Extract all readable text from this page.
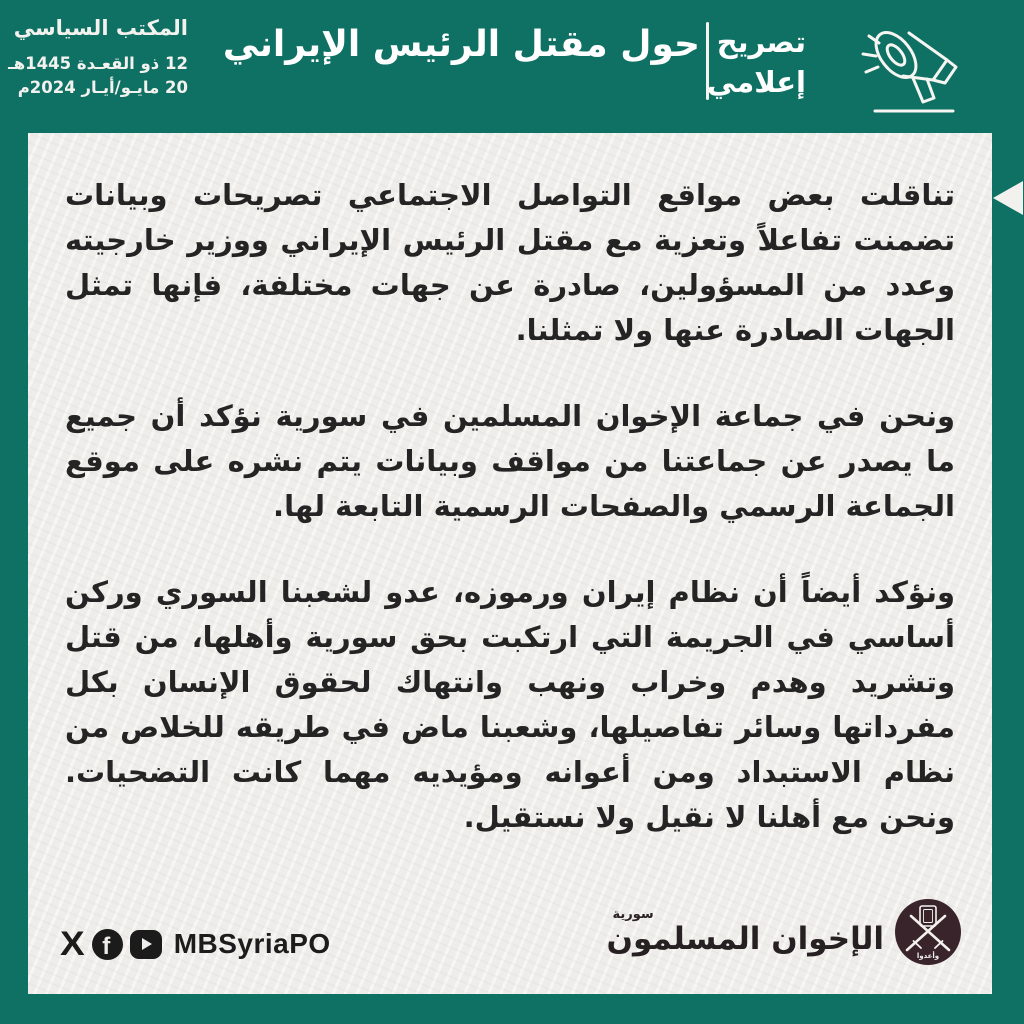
المكتب السياسي
12 ذو القعـدة 1445هـ
20 مايـو/أيـار 2024م
حول مقتل الرئيس الإيراني تصريح
إعلامي

تناقلت بعض مواقع التواصل الاجتماعي تصريحات وبيانات تضمنت تفاعلاً وتعزية مع مقتل الرئيس الإيراني ووزير خارجيته وعدد من المسؤولين، صادرة عن جهات مختلفة، فإنها تمثل الجهات الصادرة عنها ولا تمثلنا.

ونحن في جماعة الإخوان المسلمين في سورية نؤكد أن جميع ما يصدر عن جماعتنا من مواقف وبيانات يتم نشره على موقع الجماعة الرسمي والصفحات الرسمية التابعة لها.

ونؤكد أيضاً أن نظام إيران ورموزه، عدو لشعبنا السوري وركن أساسي في الجريمة التي ارتكبت بحق سورية وأهلها، من قتل وتشريد وهدم وخراب ونهب وانتهاك لحقوق الإنسان بكل مفرداتها وسائر تفاصيلها، وشعبنا ماض في طريقه للخلاص من نظام الاستبداد ومن أعوانه ومؤيديه مهما كانت التضحيات. ونحن مع أهلنا لا نقيل ولا نستقيل.

X f MBSyriaPO
سورية
الإخوان المسلمون	وأعدوا
